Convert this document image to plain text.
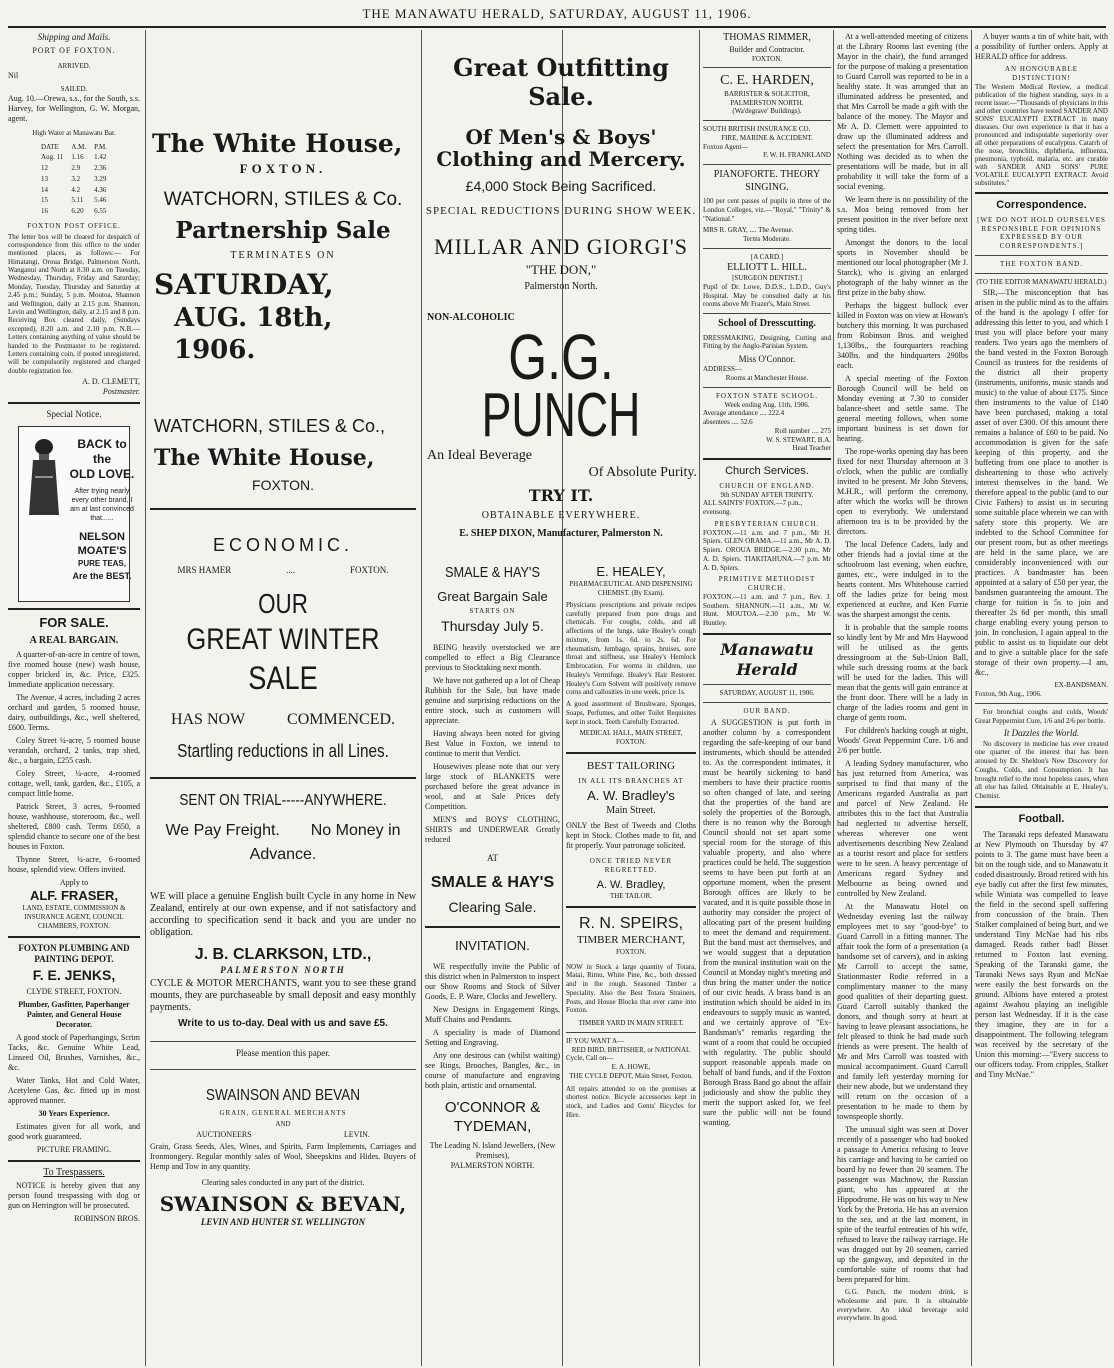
THE MANAWATU HERALD, SATURDAY, AUGUST 11, 1906.
Shipping and Mails.
PORT OF FOXTON.
ARRIVED.
Nil
SAILED.
Aug. 10.—Orewa, s.s., for the South, s.s. Harvey, for Wellington, G. W. Morgan, agent.
High Water at Manawatu Bar.
DATE	A.M.	P.M.
Aug. 11	1.16	1.42
12	2.9	2.36
13	3.2	3.29
14	4.2	4.36
15	5.11	5.46
16	6.20	6.55
FOXTON POST OFFICE.
The letter box will be cleared for despatch of correspondence from this office to the under mentioned places, as follows:— For Himatangi, Oroua Bridge, Palmerston North, Wanganui and North at 8.30 a.m. on Tuesday, Wednesday, Thursday, Friday and Saturday; Monday, Tuesday, Thursday and Saturday at 2.45 p.m.; Sunday, 5 p.m. Moutoa, Shannon and Wellington, daily at 2.15 p.m. Shannon, Levin and Wellington, daily, at 2.15 and 8 p.m. Receiving Box cleared daily, (Sundays excepted), 8.20 a.m. and 2.10 p.m. N.B.—Letters containing anything of value should be handed to the Postmaster to be registered. Letters containing coin, if posted unregistered, will be compulsorily registered and charged double registration fee.
A. D. CLEMETT,
Postmaster.
Special Notice.
BACK to the
OLD LOVE.
After trying nearly every other brand, I am at last convinced that......
NELSON MOATE'S
PURE TEAS,
Are the BEST.
FOR SALE.
A REAL BARGAIN.
A quarter-of-an-acre in centre of town, five roomed house (new) wash house, copper bricked in, &c. Price, £325. Immediate application necessary.
The Avenue, 4 acres, including 2 acres orchard and garden, 5 roomed house, dairy, outbuildings, &c., well sheltered, £600. Terms.
Coley Street ¼-acre, 5 roomed house verandah, orchard, 2 tanks, trap shed, &c., a bargain, £255 cash.
Coley Street, ¼-acre, 4-roomed cottage, well, tank, garden, &c., £105, a compact little home.
Patrick Street, 3 acres, 9-roomed house, washhouse, storeroom, &c., well sheltered, £800 cash. Terms £650, a splendid chance to secure one of the best houses in Foxton.
Thynne Street, ¼-acre, 6-roomed house, splendid view. Offers invited.
Apply to
ALF. FRASER,
LAND, ESTATE, COMMISSION & INSURANCE AGENT, COUNCIL CHAMBERS, FOXTON.
FOXTON PLUMBING AND PAINTING DEPOT.
F. E. JENKS,
CLYDE STREET, FOXTON.
Plumber, Gasfitter, Paperhanger Painter, and General House Decorator.
A good stock of Paperhangings, Scrim Tacks, &c. Genuine White Lead, Linseed Oil, Brushes, Varnishes, &c., &c.
Water Tanks, Hot and Cold Water, Acetylene Gas, &c. fitted up in most approved manner.
30 Years Experience.
Estimates given for all work, and good work guaranteed.
PICTURE FRAMING.
To Trespassers.
NOTICE is hereby given that any person found trespassing with dog or gun on Herrington will be prosecuted.
ROBINSON BROS.
The White House,
FOXTON.
WATCHORN, STILES & Co.
Partnership Sale
TERMINATES ON
SATURDAY,
AUG. 18th, 1906.
WATCHORN, STILES & Co.,
The White House,
FOXTON.
ECONOMIC.
MRS HAMER	....	FOXTON.
OUR
GREAT WINTER
SALE
HAS NOW	COMMENCED.
Startling reductions in all Lines.
SENT ON TRIAL-----ANYWHERE.
We Pay Freight. No Money in
Advance.
WE will place a genuine English built Cycle in any home in New Zealand, entirely at our own expense, and if not satisfactory and according to specification send it back and you are under no obligation.
J. B. CLARKSON, LTD.,
PALMERSTON NORTH
CYCLE & MOTOR MERCHANTS, want you to see these grand mounts, they are purchaseable by small deposit and easy monthly payments.
Write to us to-day. Deal with us and save £5.
Please mention this paper.
SWAINSON AND BEVAN
GRAIN, GENERAL MERCHANTS
AND
AUCTIONEERS	LEVIN.
Grain, Grass Seeds, Ales, Wines, and Spirits, Farm Implements, Carriages and Ironmongery. Regular monthly sales of Wool, Sheepskins and Hides. Buyers of Hemp and Tow in any quantity.
Clearing sales conducted in any part of the district.
SWAINSON & BEVAN,
LEVIN AND HUNTER ST. WELLINGTON
Great Outfitting Sale.
Of Men's & Boys' Clothing and Mercery.
£4,000 Stock Being Sacrificed.
SPECIAL REDUCTIONS DURING SHOW WEEK.
MILLAR AND GIORGI'S
"THE DON,"
Palmerston North.
NON-ALCOHOLIC
G.G.
PUNCH
An Ideal Beverage
Of Absolute Purity.
TRY IT.
OBTAINABLE EVERYWHERE.
E. SHEP DIXON, Manufacturer, Palmerston N.
SMALE & HAY'S
Great Bargain Sale
STARTS ON
Thursday July 5.
BEING heavily overstocked we are compelled to effect a Big Clearance previous to Stocktaking next month.
We have not gathered up a lot of Cheap Rubbish for the Sale, but have made genuine and surprising reductions on the entire stock, such as customers will appreciate.
Having always been noted for giving Best Value in Foxton, we intend to continue to merit that Verdict.
Housewives please note that our very large stock of BLANKETS were purchased before the great advance in wool, and at Sale Prices defy Competition.
MEN'S and BOYS' CLOTHING, SHIRTS and UNDERWEAR Greatly reduced
AT
SMALE & HAY'S
Clearing Sale.
INVITATION.
WE respectfully invite the Public of this district when in Palmerston to inspect our Show Rooms and Stock of Silver Goods, E. P. Ware, Clocks and Jewellery.
New Designs in Engagement Rings, Muff Chains and Pendants.
A speciality is made of Diamond Setting and Engraving.
Any one desirous can (whilst waiting) see Rings, Brooches, Bangles, &c., in course of manufacture and engraving both plain, artistic and ornamental.
O'CONNOR & TYDEMAN,
The Leading N. Island Jewellers, (New Premises),
PALMERSTON NORTH.
E. HEALEY,
PHARMACEUTICAL AND DISPENSING CHEMIST. (By Exam).
Physicians prescriptions and private recipes carefully prepared from pure drugs and chemicals. For coughs, colds, and all affections of the lungs, take Healey's cough mixture, from 1s. 6d. to 2s. 6d. For rheumatism, lumbago, sprains, bruises, sore throat and stiffness, use Healey's Hemlock Embrocation. For worms in children, use Healey's Vermifuge. Healey's Hair Restorer. Healey's Corn Solvent will positively remove corns and callosities in one week, price 1s.
A good assortment of Brushware, Sponges, Soaps, Perfumes, and other Toilet Requisites kept in stock. Teeth Carefully Extracted.
MEDICAL HALL, MAIN STREET, FOXTON.
BEST TAILORING
IN ALL ITS BRANCHES AT
A. W. Bradley's
Main Street.
ONLY the Best of Tweeds and Cloths kept in Stock. Clothes made to fit, and fit properly. Your patronage solicited.
ONCE TRIED NEVER REGRETTED.
A. W. Bradley,
THE TAILOR.
R. N. SPEIRS,
TIMBER MERCHANT,
FOXTON.
NOW in Stock a large quantity of Totara, Matai, Rimu, White Pine, &c., both dressed and in the rough. Seasoned Timber a Speciality. Also the Best Totara Strainers, Posts, and House Blocks that ever came into Foxton.
TIMBER YARD IN MAIN STREET.
IF YOU WANT A—
RED BIRD, BRITISHER, or NATIONAL
Cycle, Call on—
E. A. HOWE,
THE CYCLE DEPOT, Main Street, Foxton.
All repairs attended to on the premises at shortest notice. Bicycle accessories kept in stock, and Ladies and Gents' Bicycles for Hire.
THOMAS RIMMER,
Builder and Contractor.
FOXTON.
C. E. HARDEN,
BARRISTER & SOLICITOR,
PALMERSTON NORTH.
(Wa'degrave' Buildings).
SOUTH BRITISH INSURANCE CO.
FIRE, MARINE & ACCIDENT.
Foxton Agent—
F. W. H. FRANKLAND
PIANOFORTE. THEORY SINGING.
100 per cent passes of pupils in three of the London Colleges, viz.—"Royal," "Trinity" & "National."
MRS R. GRAY, .... The Avenue.
Terms Moderate.
[A CARD.]
ELLIOTT L. HILL.
[SURGEON DENTIST.]
Pupil of Dr. Lowe, D.D.S., L.D.D., Guy's Hospital. May be consulted daily at his rooms above Mr Frazer's, Main Street.
School of Dresscutting.
DRESSMAKING, Designing, Cutting and Fitting by the Anglo-Parisian System.
Miss O'Connor.
ADDRESS—
Rooms at Manchester House.
FOXTON STATE SCHOOL.
Week ending Aug. 11th, 1906.
Average attendance .... 222.4
absentees .... 52.6
Roll number .... 275
W. S. STEWART, B.A.
Head Teacher
Church Services.
CHURCH OF ENGLAND.
9th SUNDAY AFTER TRINITY.
ALL SAINTS' FOXTON.—7 p.m., evensong.
PRESBYTERIAN CHURCH.
FOXTON.—11 a.m. and 7 p.m., Mr H. Spiers. GLEN ORAMA.—11 a.m., Mr A. D. Spiers. OROUA BRIDGE.—2.30 p.m., Mr A. D. Spiers. TIAKITAHUNA.—7 p.m. Mr A. D. Spiers.
PRIMITIVE METHODIST CHURCH.
FOXTON.—11 a.m. and 7 p.m., Rev. J. Southern. SHANNON.—11 a.m., Mr W. Hunt. MOUTOA.—2.30 p.m., Mr W. Huntley.
Manawatu Herald
SATURDAY, AUGUST 11, 1906.
OUR BAND.
A SUGGESTION is put forth in another column by a correspondent regarding the safe-keeping of our band instruments, which should be attended to. As the correspondent intimates, it must be heartily sickening to band members to have their practice rooms so often changed of late, and seeing that the properties of the band are solely the properties of the Borough, there is no reason why the Borough Council should not set apart some special room for the storage of this valuable property, and also where practices could be held. The suggestion seems to have been put forth at an opportune moment, when the present Borough offices are likely to be vacated, and it is quite possible those in authority may consider the project of allocating part of the present building to meet the demand and requirement. But the band must act themselves, and we would suggest that a deputation from the musical institution wait on the Council at Monday night's meeting and thus bring the matter under the notice of our civic heads. A brass band is an institution which should be aided in its endeavours to supply music as wanted, and we certainly approve of "Ex-Bandsman's" remarks regarding the want of a room that could be occupied with regularity. The public should support reasonable appeals made on behalf of band funds, and if the Foxton Borough Brass Band go about the affair judiciously and show the public they merit the support asked for, we feel sure the public will not be found wanting.
At a well-attended meeting of citizens at the Library Rooms last evening (the Mayor in the chair), the fund arranged for the purpose of making a presentation to Guard Carroll was reported to be in a healthy state. It was arranged that an illuminated address be presented, and that Mrs Carroll be made a gift with the balance of the money. The Mayor and Mr A. D. Clemett were appointed to draw up the illuminated address and select the presentation for Mrs Carroll. Nothing was decided as to when the presentations will be made, but in all probability it will take the form of a social evening.
We learn there is no possibility of the s.s. Moa being removed from her present position in the river before next spring tides.
Amongst the donors to the local sports in November should be mentioned our local photographer (Mr J. Starck), who is giving an enlarged photograph of the baby winner as the first prize in the baby show.
Perhaps the biggest bullock ever killed in Foxton was on view at Howan's butchery this morning. It was purchased from Robinson Bros. and weighed 1,130lbs., the fourquarters reaching 340lbs. and the hindquarters 290lbs each.
A special meeting of the Foxton Borough Council will be held on Monday evening at 7.30 to consider balance-sheet and settle same. The general meeting follows, when some important business is set down for hearing.
The rope-works opening day has been fixed for next Thursday afternoon at 3 o'clock, when the public are cordially invited to be present. Mr John Stevens, M.H.R., will perform the ceremony, after which the works will be thrown open to everybody. We understand afternoon tea is to be provided by the directors.
The local Defence Cadets, lady and other friends had a jovial time at the schoolroom last evening, when euchre, games, etc., were indulged in to the hearts content. Mrs Whitehouse carried off the ladies prize for being most experienced at euchre, and Ken Furrie was the sharpest amongst the cents.
It is probable that the sample rooms so kindly lent by Mr and Mrs Haywood will be utilised as the gents dressingroom at the Sub-Union Ball, while such dressing rooms at the back will be used for the ladies. This will mean that the gents will gain entrance at the front door. There will be a lady in charge of the ladies rooms and gent in charge of gents room.
For children's hacking cough at night, Woods' Great Peppermint Cure. 1/6 and 2/6 per bottle.
A leading Sydney manufacturer, who has just returned from America, was surprised to find that many of the Americans regarded Australia as part and parcel of New Zealand. He attributes this to the fact that Australia had neglected to advertise herself, whereas wherever one went advertisements describing New Zealand as a tourist resort and place for settlers were to be seen. A heavy percentage of Americans regard Sydney and Melbourne as being owned and controlled by New Zealand.
At the Manawatu Hotel on Wednesday evening last the railway employees met to say "good-bye" to Guard Carroll in a fitting manner. The affair took the form of a presentation (a handsome set of carvers), and in asking Mr Carroll to accept the same, Stationmaster Rodie referred in a complimentary manner to the many good qualities of their departing guest. Guard Carroll suitably thanked the donors, and though sorry at heart at having to leave pleasant associations, he felt pleased to think he had made such friends as were present. The health of Mr and Mrs Carroll was toasted with musical accompaniment. Guard Carroll and family left yesterday morning for their new abode, but we understand they will return on the occasion of a presentation to be made to them by townspeople shortly.
The unusual sight was seen at Dover recently of a passenger who had booked a passage to America refusing to leave his carriage and having to be carried on board by no fewer than 20 seamen. The passenger was Machnow, the Russian giant, who has appeared at the Hippodrome. He was on his way to New York by the Pretoria. He has an aversion to the sea, and at the last moment, in spite of the tearful entreaties of his wife, refused to leave the railway carriage. He was dragged out by 20 seamen, carried up the gangway, and deposited in the comfortable suite of rooms that had been prepared for him.
G.G. Punch, the modern drink, is wholesome and pure. It is obtainable everywhere. An ideal beverage sold everywhere. Its good.
A buyer wants a tin of white bait, with a possibility of further orders. Apply at HERALD office for address.
AN HONOURABLE DISTINCTION!
The Western Medical Review, a medical publication of the highest standing, says in a recent issue:—"Thousands of physicians in this and other countries have tested SANDER AND SONS' EUCALYPTI EXTRACT in many diseases. Our own experience is that it has a pronounced and indisputable superiority over all other preparations of eucalyptus. Catarrh of the nose, bronchitis, diphtheria, influenza, pneumonia, typhoid, malaria, etc. are curable with SANDER AND SONS' PURE VOLATILE EUCALYPTI EXTRACT. Avoid substitutes."
Correspondence.
[WE DO NOT HOLD OURSELVES RESPONSIBLE FOR OPINIONS EXPRESSED BY OUR CORRESPONDENTS.]
THE FOXTON BAND.
(TO THE EDITOR MANAWATU HERALD.)
SIR,—The misconception that has arisen in the public mind as to the affairs of the band is the apology I offer for addressing this letter to you, and which I trust you will place before your many readers. Two years ago the members of the band vested in the Foxton Borough Council as trustees for the residents of the district all their property (instruments, uniforms, music stands and music) to the value of about £175. Since then instruments to the value of £140 have been purchased, making a total asset of over £300. Of this amount there remains a balance of £60 to be paid. No accommodation is given for the safe keeping of this property, and the buffeting from one place to another is disheartening to those who actively interest themselves in the band. We therefore appeal to the public (and to our Civic Fathers) to assist us in securing some suitable place wherein we can with safety store this property. We are indebted to the School Committee for our present room, but as other meetings are held in the same place, we are considerably inconvenienced with our practices. A bandmaster has been appointed at a salary of £50 per year, the bandsmen guaranteeing the amount. The charge for tuition is 5s to join and thereafter 2s 6d per month, this small charge enabling every young person to join. In conclusion, I again appeal to the public to assist us to liquidate our debt and to give a suitable place for the safe storage of their own property.—I am, &c.,
EX-BANDSMAN.
Foxton, 9th Aug., 1906.
For bronchial coughs and colds, Woods' Great Peppermint Cure, 1/6 and 2/6 per bottle.
It Dazzles the World.
No discovery in medicine has ever created one quarter of the interest that has been aroused by Dr. Sheldon's New Discovery for Coughs, Colds, and Consumption. It has brought relief to the most hopeless cases, when all else has failed. Obtainable at E. Healey's, Chemist.
Football.
The Taranaki reps defeated Manawatu at New Plymouth on Thursday by 47 points to 3. The game must have been a bit on the tough side, and so Manawatu it coded disastrously. Broad retired with his eye badly cut after the first few minutes, while Winiata was compelled to leave the field in the second spell suffering from concussion of the brain. Then Stalker complained of being hurt, and we understand Tiny McNae had his ribs damaged. Reads rather bad! Bisset returned to Foxton last evening. Speaking of the Taranaki game, the Taranaki News says Ryan and McNae were easily the best forwards on the ground. Albions have entered a protest against Awahou playing an ineligible person last Wednesday. If it is the case they imagine, they are in for a disappointment. The following telegram was received by the secretary of the Union this morning:—"Every success to our officers today. From cripples, Stalker and Tiny McNae."
